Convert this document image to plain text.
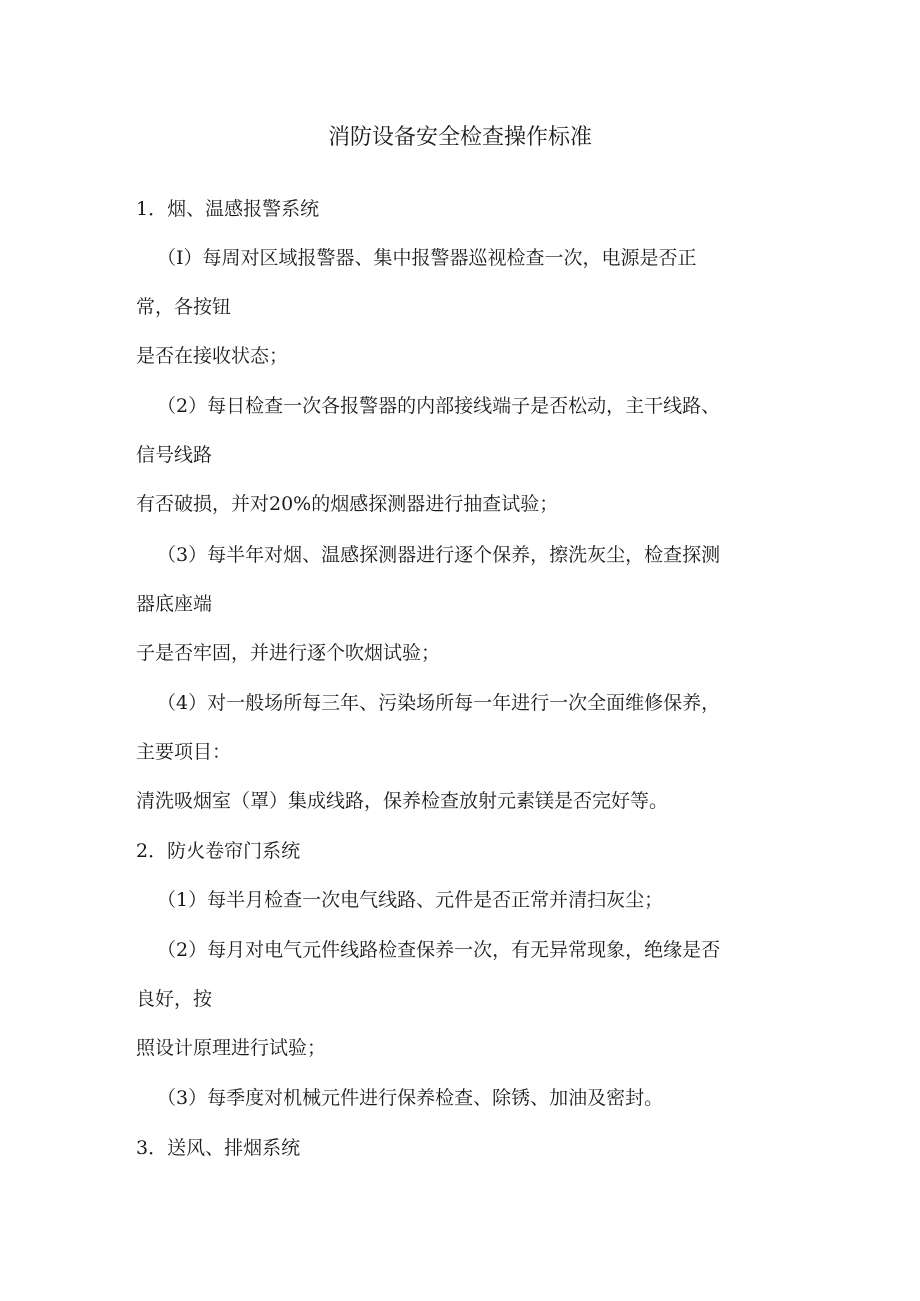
消防设备安全检查操作标准

1．烟、温感报警系统

（I）每周对区域报警器、集中报警器巡视检查一次，电源是否正

常，各按钮

是否在接收状态；

（2）每日检查一次各报警器的内部接线端子是否松动，主干线路、

信号线路

有否破损，并对20%的烟感探测器进行抽查试验；

（3）每半年对烟、温感探测器进行逐个保养，擦洗灰尘，检查探测

器底座端

子是否牢固，并进行逐个吹烟试验；

（4）对一般场所每三年、污染场所每一年进行一次全面维修保养，

主要项目：

清洗吸烟室（罩）集成线路，保养检查放射元素镁是否完好等。

2．防火卷帘门系统

（1）每半月检查一次电气线路、元件是否正常并清扫灰尘；

（2）每月对电气元件线路检查保养一次，有无异常现象，绝缘是否

良好，按

照设计原理进行试验；

（3）每季度对机械元件进行保养检查、除锈、加油及密封。

3．送风、排烟系统
